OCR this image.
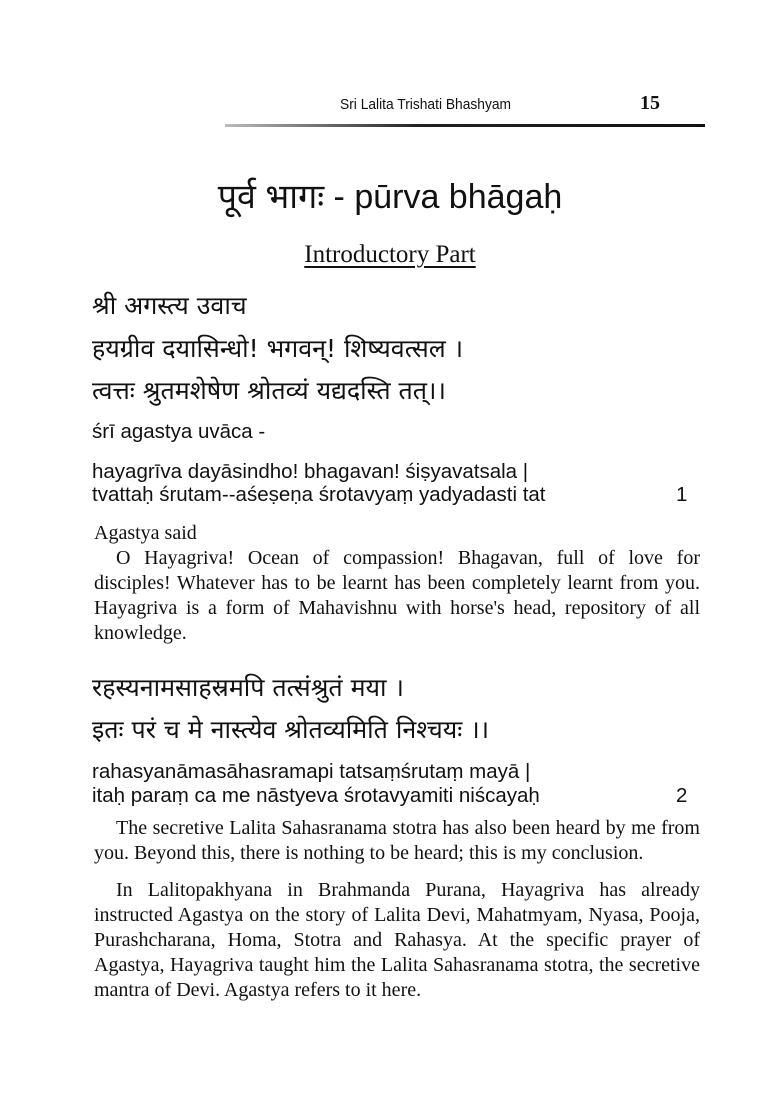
Sri Lalita Trishati Bhashyam	15
पूर्व भागः - pūrva bhāgaḥ
Introductory Part
श्री अगस्त्य उवाच
हयग्रीव दयासिन्धो! भगवन्! शिष्यवत्सल ।
त्वत्तः श्रुतमशेषेण श्रोतव्यं यद्यदस्ति तत्।।
śrī agastya uvāca -
hayagrīva dayāsindho! bhagavan! śiṣyavatsala |
tvattaḥ śrutam--aśeṣeṇa śrotavyaṃ yadyadasti tat	1

Agastya said

O Hayagriva! Ocean of compassion! Bhagavan, full of love for disciples! Whatever has to be learnt has been completely learnt from you. Hayagriva is a form of Mahavishnu with horse's head, repository of all knowledge.

रहस्यनामसाहस्रमपि तत्संश्रुतं मया ।
इतः परं च मे नास्त्येव श्रोतव्यमिति निश्चयः ।।
rahasyanāmasāhasramapi tatsaṃśrutaṃ mayā |
itaḥ paraṃ ca me nāstyeva śrotavyamiti niścayaḥ	2

The secretive Lalita Sahasranama stotra has also been heard by me from you. Beyond this, there is nothing to be heard; this is my conclusion.

In Lalitopakhyana in Brahmanda Purana, Hayagriva has already instructed Agastya on the story of Lalita Devi, Mahatmyam, Nyasa, Pooja, Purashcharana, Homa, Stotra and Rahasya. At the specific prayer of Agastya, Hayagriva taught him the Lalita Sahasranama stotra, the secretive mantra of Devi. Agastya refers to it here.
